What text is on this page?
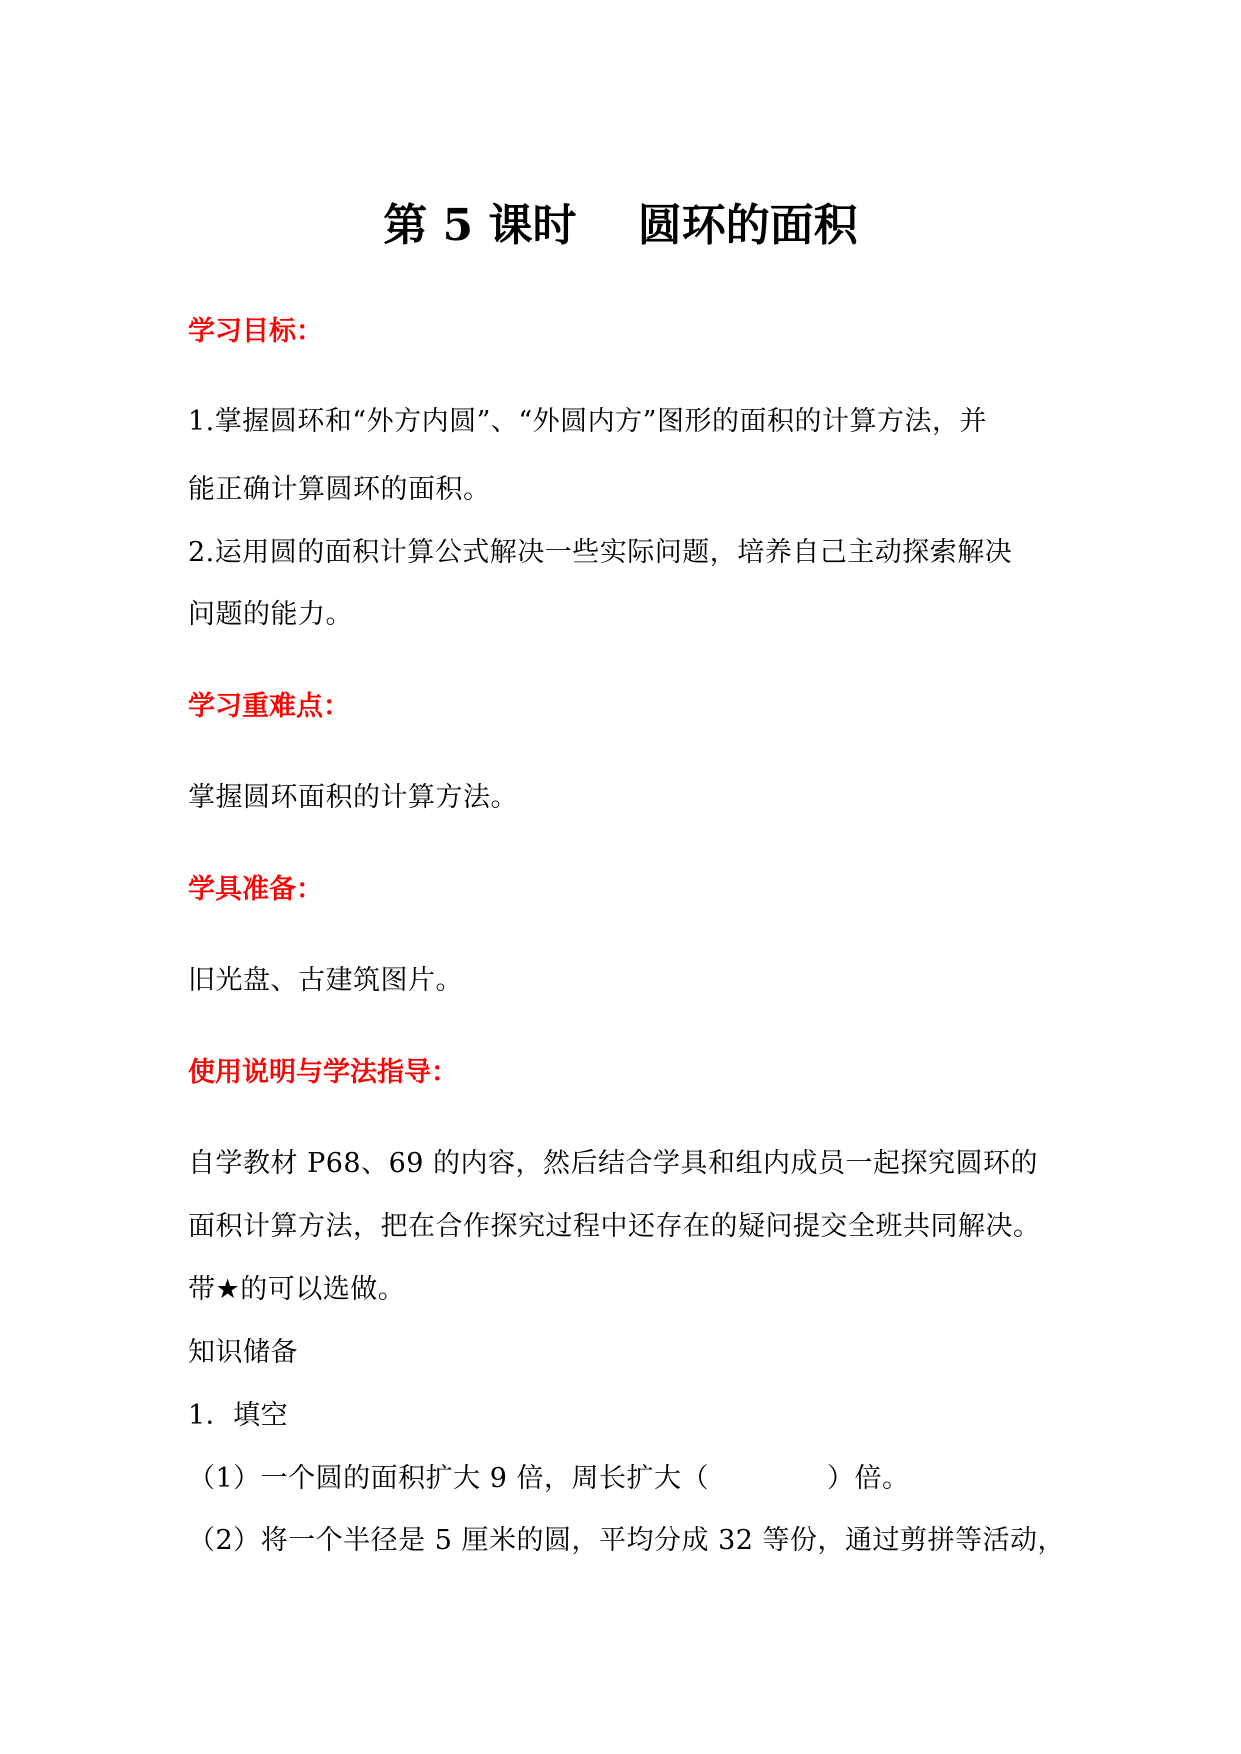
第 5 课时    圆环的面积
学习目标：
1.掌握圆环和“外方内圆”、“外圆内方”图形的面积的计算方法，并
能正确计算圆环的面积。
2.运用圆的面积计算公式解决一些实际问题，培养自己主动探索解决
问题的能力。
学习重难点：
掌握圆环面积的计算方法。
学具准备：
旧光盘、古建筑图片。
使用说明与学法指导：
自学教材 P68、69 的内容，然后结合学具和组内成员一起探究圆环的
面积计算方法，把在合作探究过程中还存在的疑问提交全班共同解决。
带★的可以选做。
知识储备
1．填空
（1）一个圆的面积扩大 9 倍，周长扩大（	）倍。
（2）将一个半径是 5 厘米的圆，平均分成 32 等份，通过剪拼等活动，
